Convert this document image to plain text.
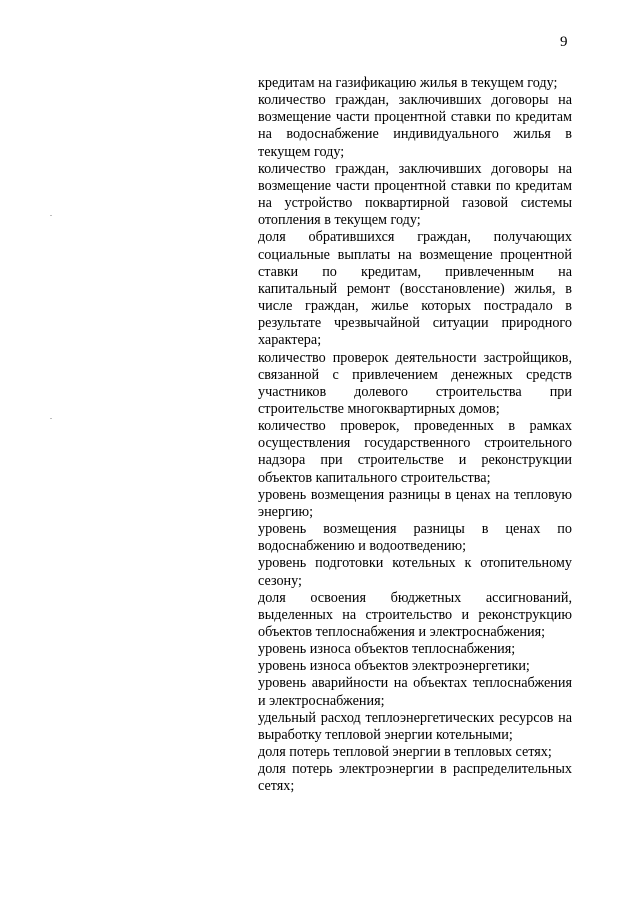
9

кредитам на газификацию жилья в текущем году;

количество граждан, заключивших договоры на возмещение части процентной ставки по кредитам на водоснабжение индивидуального жилья в текущем году;

количество граждан, заключивших договоры на возмещение части процентной ставки по кредитам на устройство поквартирной газовой системы отопления в текущем году;

доля обратившихся граждан, получающих социальные выплаты на возмещение процентной ставки по кредитам, привлеченным на капитальный ремонт (восстановление) жилья, в числе граждан, жилье которых пострадало в результате чрезвычайной ситуации природного характера;

количество проверок деятельности застройщиков, связанной с привлечением денежных средств участников долевого строительства при строительстве многоквартирных домов;

количество проверок, проведенных в рамках осуществления государственного строительного надзора при строительстве и реконструкции объектов капитального строительства;

уровень возмещения разницы в ценах на тепловую энергию;

уровень возмещения разницы в ценах по водоснабжению и водоотведению;

уровень подготовки котельных к отопительному сезону;

доля освоения бюджетных ассигнований, выделенных на строительство и реконструкцию объектов теплоснабжения и электроснабжения;

уровень износа объектов теплоснабжения;

уровень износа объектов электроэнергетики;

уровень аварийности на объектах теплоснабжения и электроснабжения;

удельный расход теплоэнергетических ресурсов на выработку тепловой энергии котельными;

доля потерь тепловой энергии в тепловых сетях;

доля потерь электроэнергии в распределительных сетях;
